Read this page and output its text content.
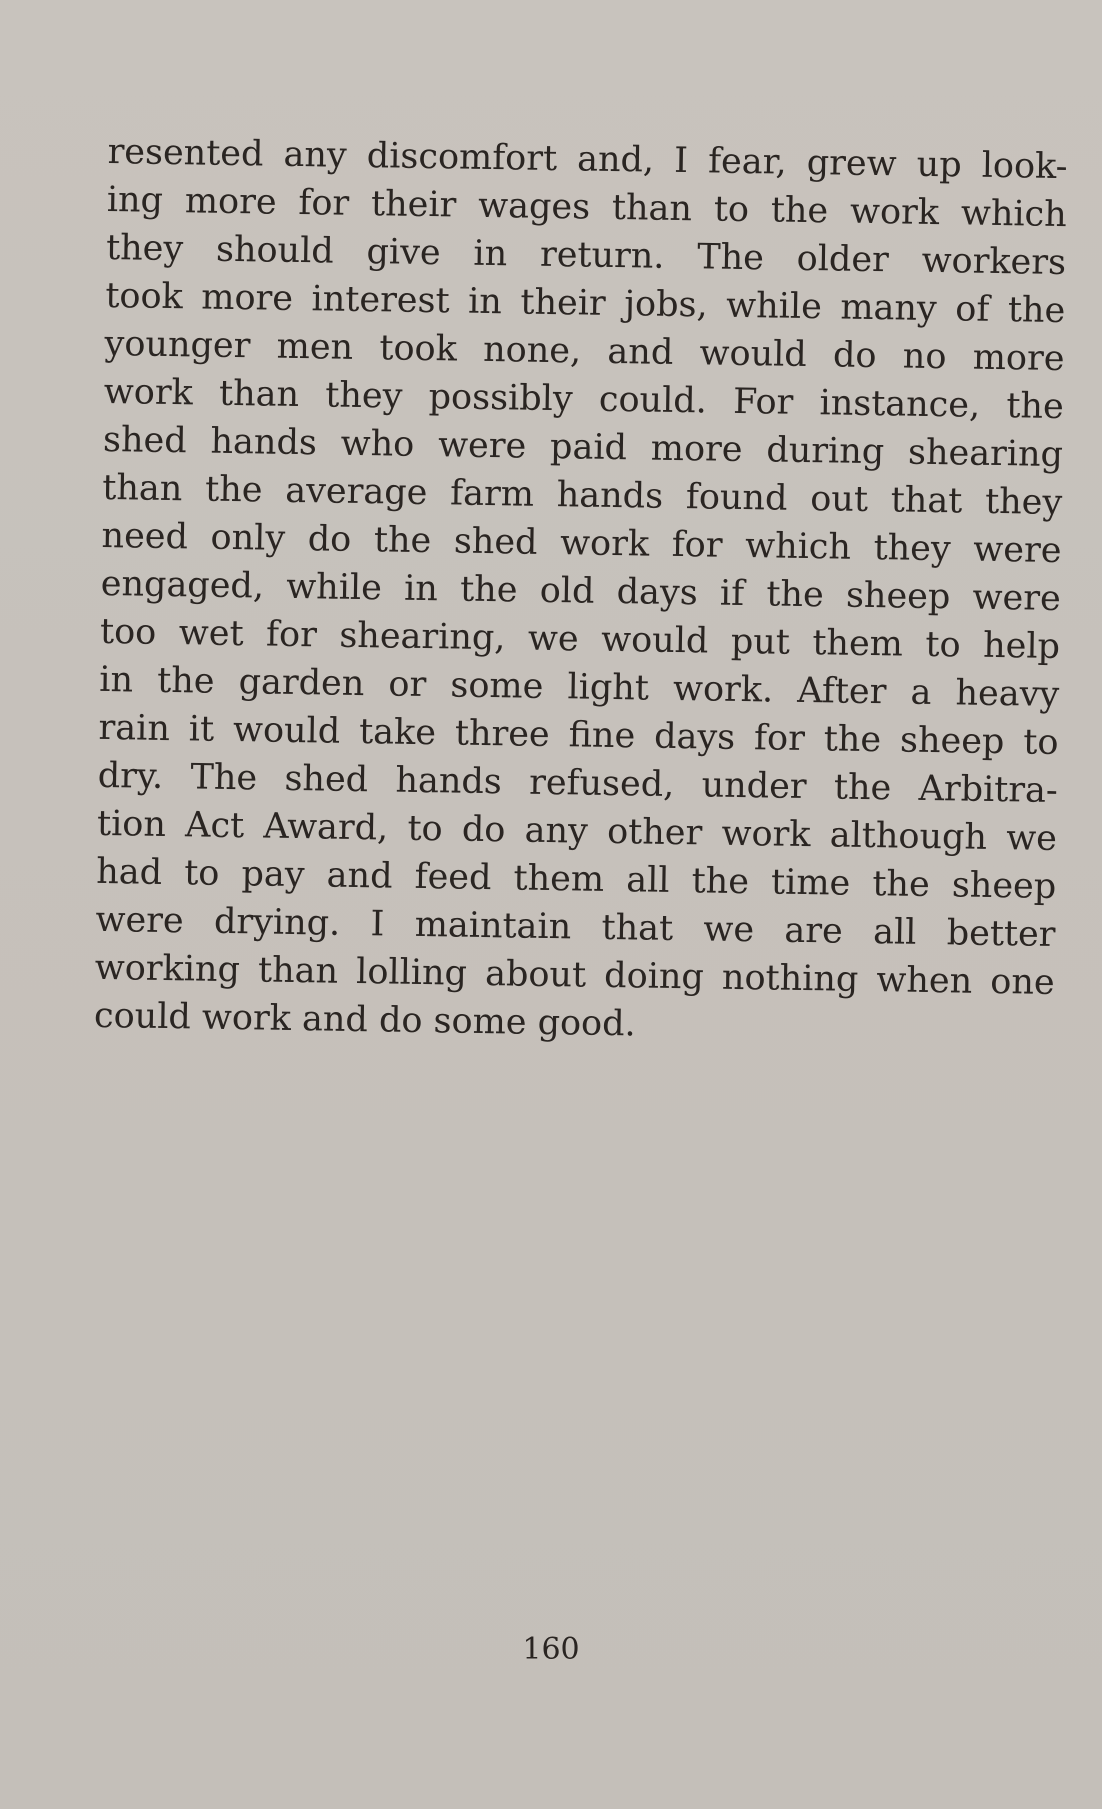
resented any discomfort and, I fear, grew up look-
ing more for their wages than to the work which
they should give in return. The older workers
took more interest in their jobs, while many of the
younger men took none, and would do no more
work than they possibly could. For instance, the
shed hands who were paid more during shearing
than the average farm hands found out that they
need only do the shed work for which they were
engaged, while in the old days if the sheep were
too wet for shearing, we would put them to help
in the garden or some light work. After a heavy
rain it would take three fine days for the sheep to
dry. The shed hands refused, under the Arbitra-
tion Act Award, to do any other work although we
had to pay and feed them all the time the sheep
were drying. I maintain that we are all better
working than lolling about doing nothing when one
could work and do some good.
160
